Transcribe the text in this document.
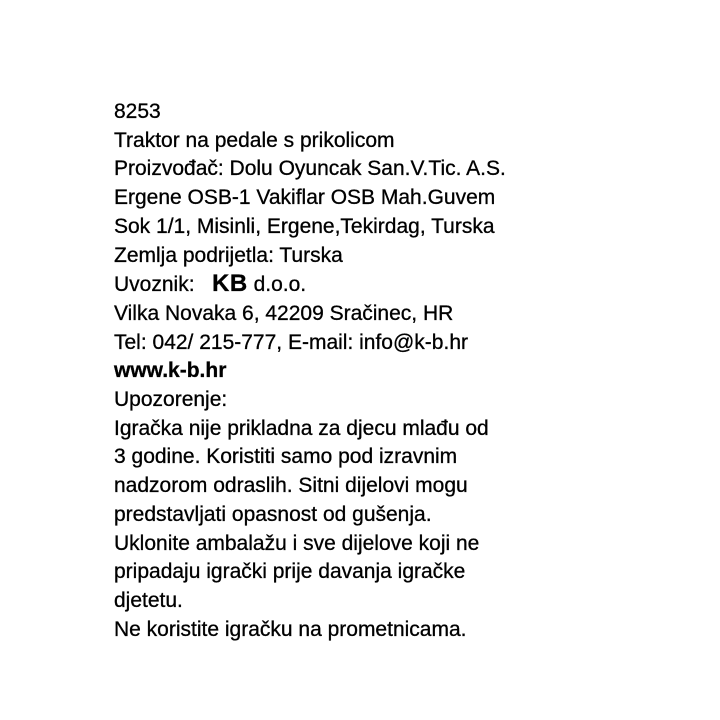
8253
Traktor na pedale s prikolicom
Proizvođač: Dolu Oyuncak San.V.Tic. A.S.
Ergene OSB-1 Vakiflar OSB Mah.Guvem
Sok 1/1, Misinli, Ergene,Tekirdag, Turska
Zemlja podrijetla: Turska
Uvoznik: KB d.o.o.
Vilka Novaka 6, 42209 Sračinec, HR
Tel: 042/ 215-777, E-mail: info@k-b.hr
www.k-b.hr
Upozorenje:
Igračka nije prikladna za djecu mlađu od
3 godine. Koristiti samo pod izravnim
nadzorom odraslih. Sitni dijelovi mogu
predstavljati opasnost od gušenja.
Uklonite ambalažu i sve dijelove koji ne
pripadaju igrački prije davanja igračke
djetetu.
Ne koristite igračku na prometnicama.
